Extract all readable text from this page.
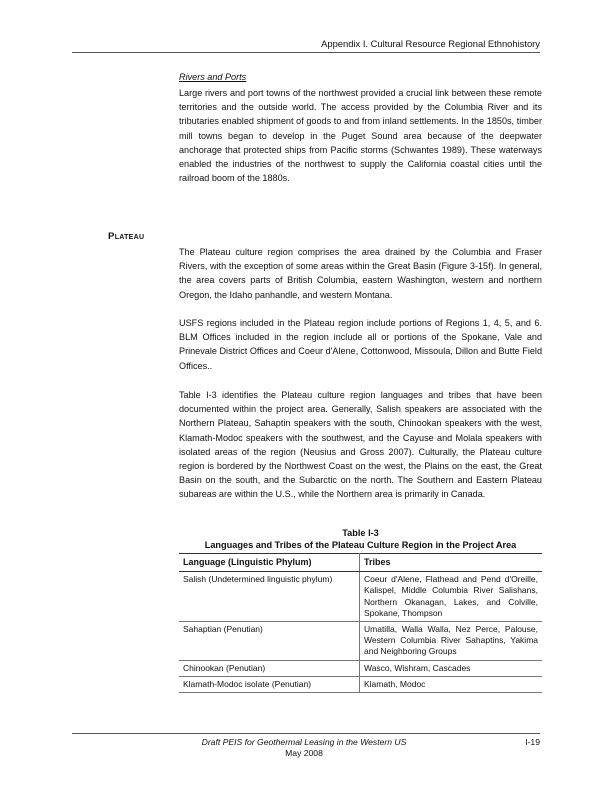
Appendix I. Cultural Resource Regional Ethnohistory
Rivers and Ports
Large rivers and port towns of the northwest provided a crucial link between these remote territories and the outside world. The access provided by the Columbia River and its tributaries enabled shipment of goods to and from inland settlements. In the 1850s, timber mill towns began to develop in the Puget Sound area because of the deepwater anchorage that protected ships from Pacific storms (Schwantes 1989). These waterways enabled the industries of the northwest to supply the California coastal cities until the railroad boom of the 1880s.
Plateau
The Plateau culture region comprises the area drained by the Columbia and Fraser Rivers, with the exception of some areas within the Great Basin (Figure 3-15f). In general, the area covers parts of British Columbia, eastern Washington, western and northern Oregon, the Idaho panhandle, and western Montana.
USFS regions included in the Plateau region include portions of Regions 1, 4, 5, and 6. BLM Offices included in the region include all or portions of the Spokane, Vale and Prinevale District Offices and Coeur d'Alene, Cottonwood, Missoula, Dillon and Butte Field Offices..
Table I-3 identifies the Plateau culture region languages and tribes that have been documented within the project area. Generally, Salish speakers are associated with the Northern Plateau, Sahaptin speakers with the south, Chinookan speakers with the west, Klamath-Modoc speakers with the southwest, and the Cayuse and Molala speakers with isolated areas of the region (Neusius and Gross 2007). Culturally, the Plateau culture region is bordered by the Northwest Coast on the west, the Plains on the east, the Great Basin on the south, and the Subarctic on the north. The Southern and Eastern Plateau subareas are within the U.S., while the Northern area is primarily in Canada.
Table I-3
Languages and Tribes of the Plateau Culture Region in the Project Area
Language (Linguistic Phylum)	Tribes
Salish (Undetermined linguistic phylum)	Coeur d'Alene, Flathead and Pend d'Oreille, Kalispel, Middle Columbia River Salishans, Northern Okanagan, Lakes, and Colville, Spokane, Thompson
Sahaptian (Penutian)	Umatilla, Walla Walla, Nez Perce, Palouse, Western Columbia River Sahaptins, Yakima and Neighboring Groups
Chinookan (Penutian)	Wasco, Wishram, Cascades
Klamath-Modoc isolate (Penutian)	Klamath, Modoc
Draft PEIS for Geothermal Leasing in the Western US
May 2008
I-19
